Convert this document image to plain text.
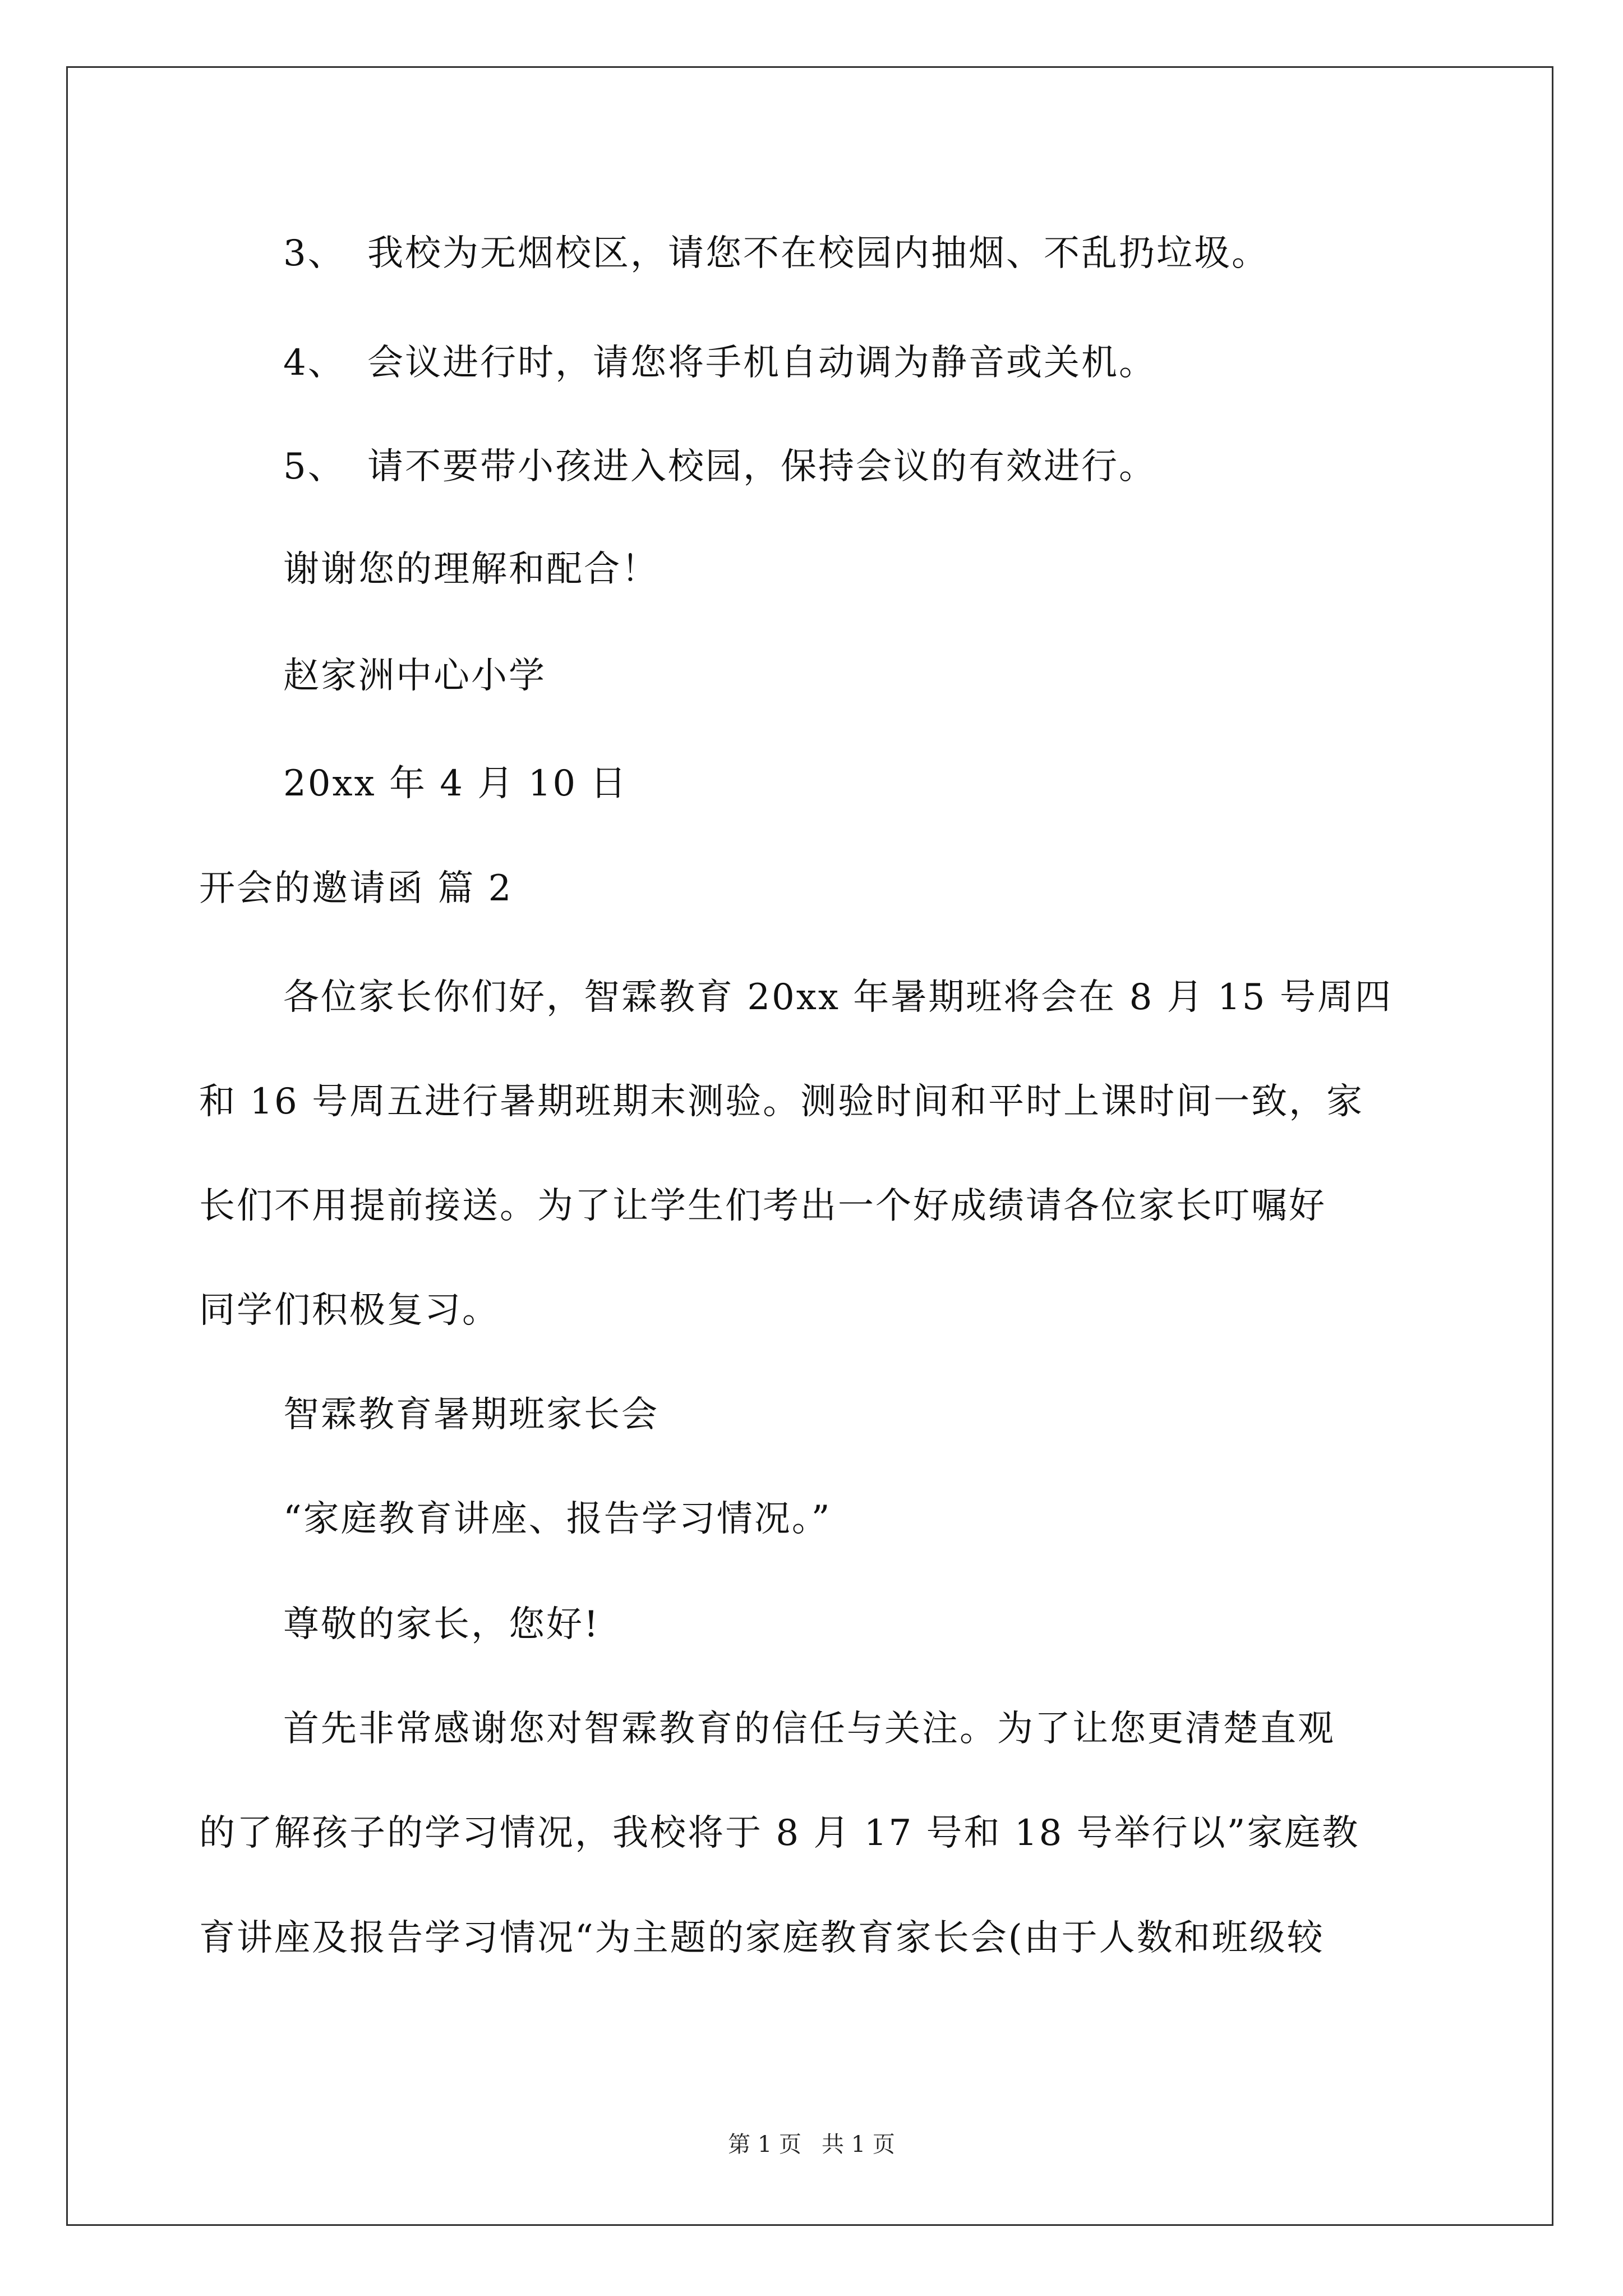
3、 我校为无烟校区，请您不在校园内抽烟、不乱扔垃圾。
4、 会议进行时，请您将手机自动调为静音或关机。
5、 请不要带小孩进入校园，保持会议的有效进行。
谢谢您的理解和配合！
赵家洲中心小学
20xx 年 4 月 10 日
开会的邀请函 篇 2
各位家长你们好，智霖教育 20xx 年暑期班将会在 8 月 15 号周四
和 16 号周五进行暑期班期末测验。测验时间和平时上课时间一致，家
长们不用提前接送。为了让学生们考出一个好成绩请各位家长叮嘱好
同学们积极复习。
智霖教育暑期班家长会
“家庭教育讲座、报告学习情况。”
尊敬的家长，您好!
首先非常感谢您对智霖教育的信任与关注。为了让您更清楚直观
的了解孩子的学习情况，我校将于 8 月 17 号和 18 号举行以”家庭教
育讲座及报告学习情况“为主题的家庭教育家长会(由于人数和班级较
第 1 页 共 1 页
